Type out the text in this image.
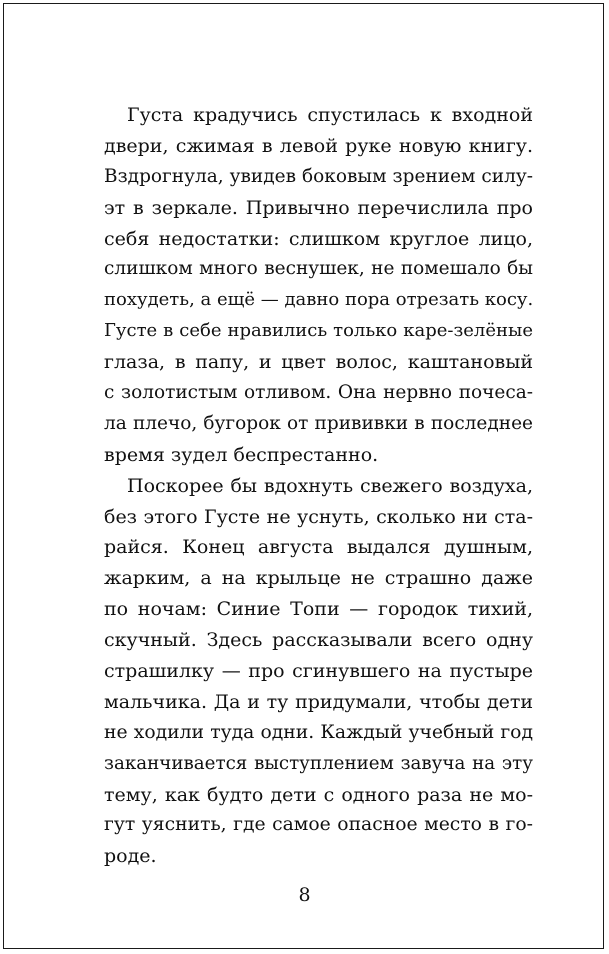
Густа крадучись спустилась к входной
двери, сжимая в левой руке новую книгу.
Вздрогнула, увидев боковым зрением силу-
эт в зеркале. Привычно перечислила про
себя недостатки: слишком круглое лицо,
слишком много веснушек, не помешало бы
похудеть, а ещё — давно пора отрезать косу.
Густе в себе нравились только каре-зелёные
глаза, в папу, и цвет волос, каштановый
с золотистым отливом. Она нервно почеса-
ла плечо, бугорок от прививки в последнее
время зудел беспрестанно.
Поскорее бы вдохнуть свежего воздуха,
без этого Густе не уснуть, сколько ни ста-
райся. Конец августа выдался душным,
жарким, а на крыльце не страшно даже
по ночам: Синие Топи — городок тихий,
скучный. Здесь рассказывали всего одну
страшилку — про сгинувшего на пустыре
мальчика. Да и ту придумали, чтобы дети
не ходили туда одни. Каждый учебный год
заканчивается выступлением завуча на эту
тему, как будто дети с одного раза не мо-
гут уяснить, где самое опасное место в го-
роде.
8
